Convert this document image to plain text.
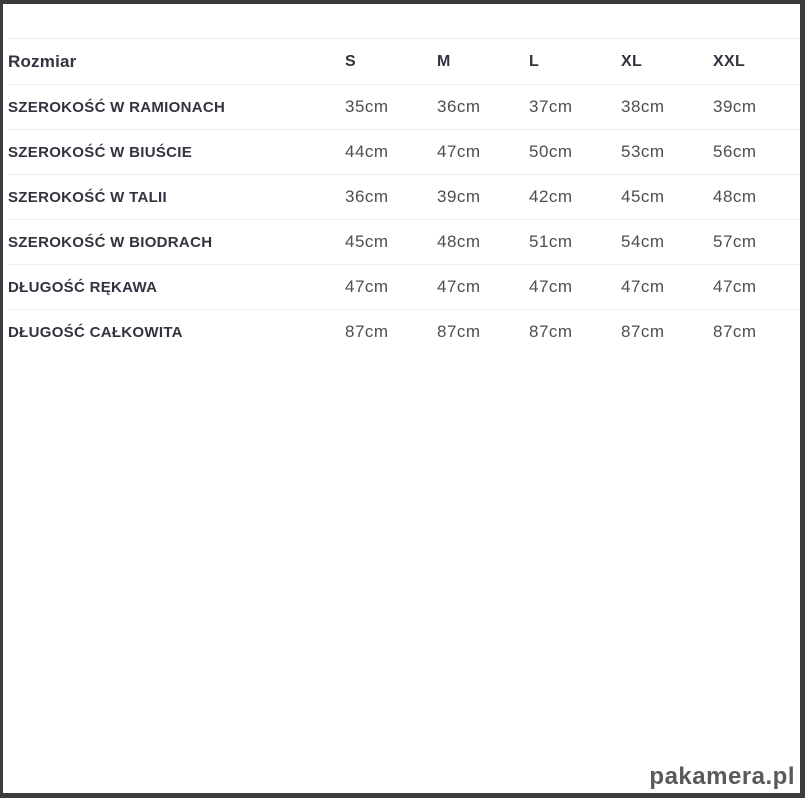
Rozmiar	S	M	L	XL	XXL
SZEROKOŚĆ W RAMIONACH	35cm	36cm	37cm	38cm	39cm
SZEROKOŚĆ W BIUŚCIE	44cm	47cm	50cm	53cm	56cm
SZEROKOŚĆ W TALII	36cm	39cm	42cm	45cm	48cm
SZEROKOŚĆ W BIODRACH	45cm	48cm	51cm	54cm	57cm
DŁUGOŚĆ RĘKAWA	47cm	47cm	47cm	47cm	47cm
DŁUGOŚĆ CAŁKOWITA	87cm	87cm	87cm	87cm	87cm
pakamera.pl
